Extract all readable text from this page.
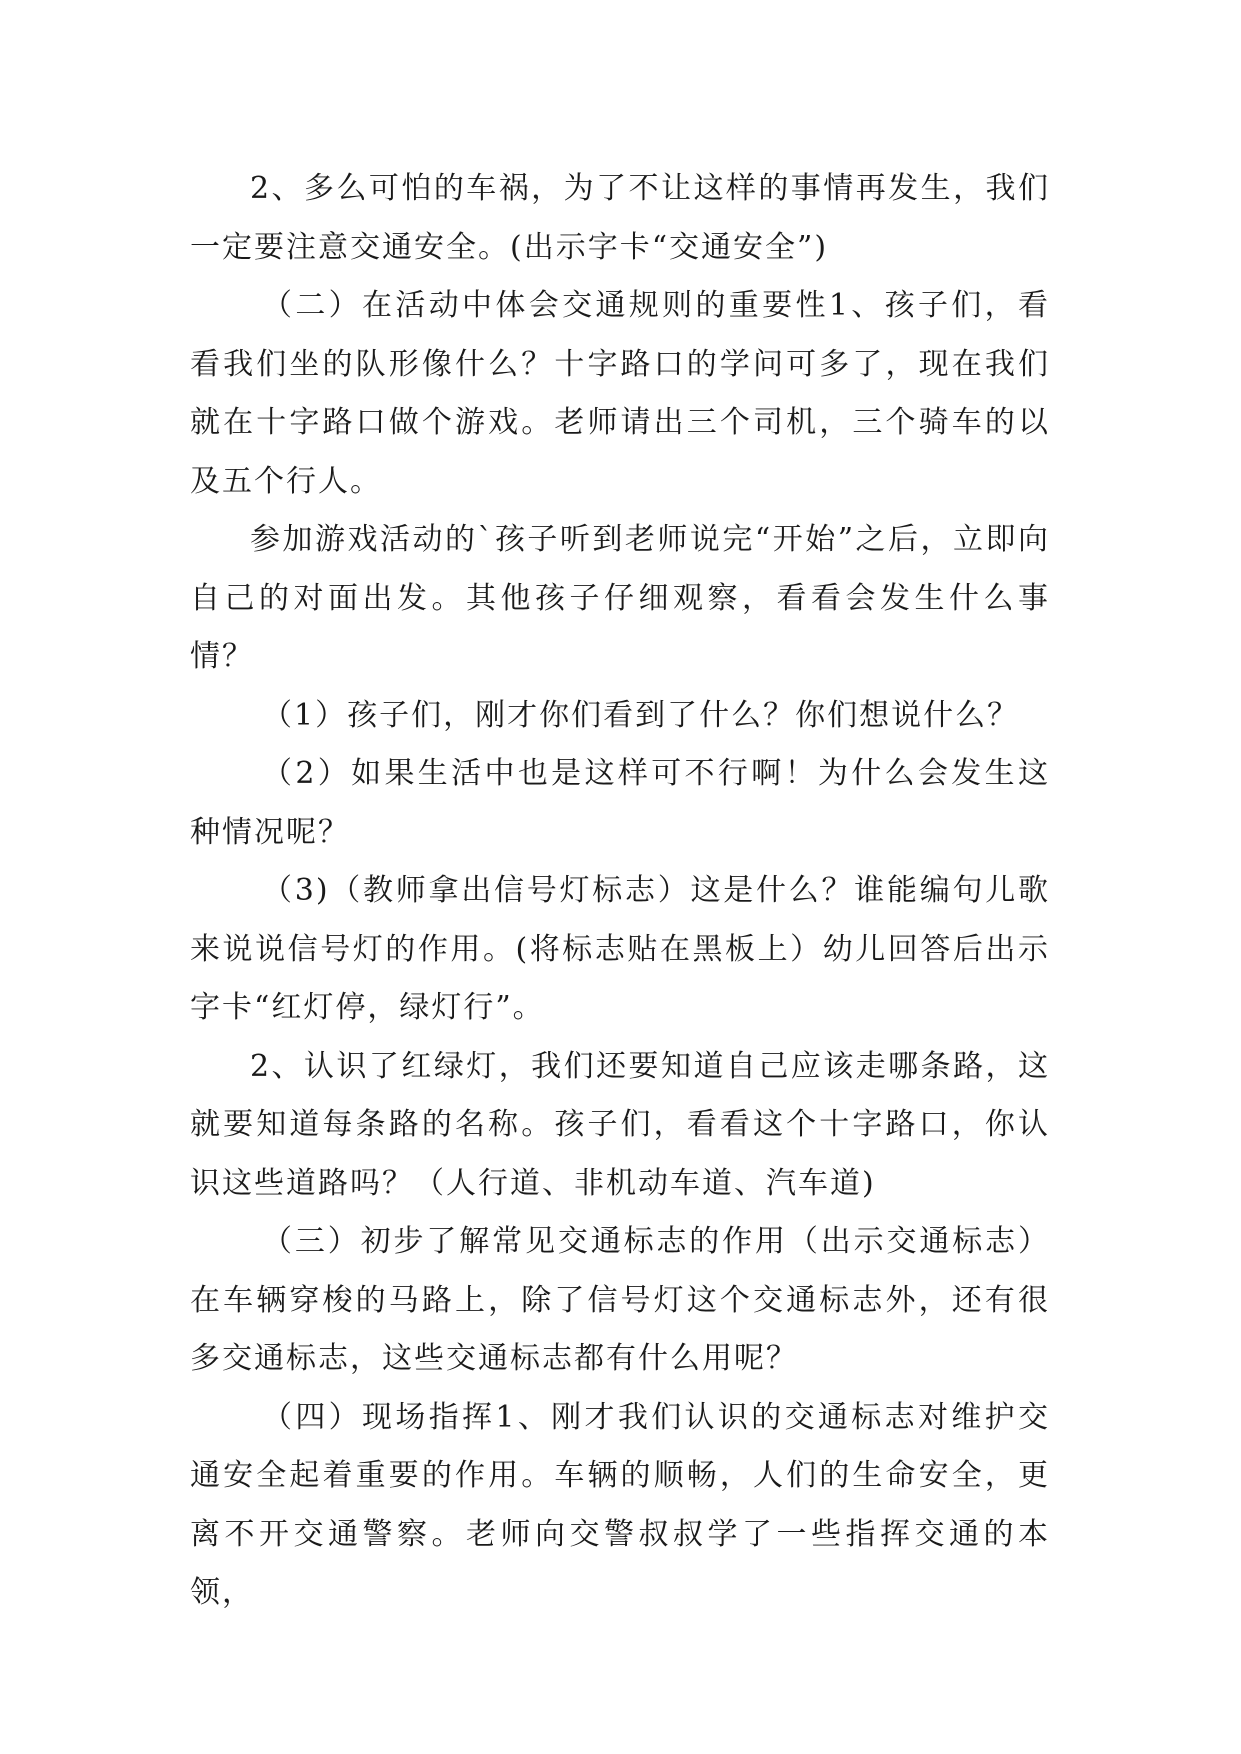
2、多么可怕的车祸，为了不让这样的事情再发生，我们一定要注意交通安全。(出示字卡“交通安全”)

（二）在活动中体会交通规则的重要性1、孩子们，看看我们坐的队形像什么？十字路口的学问可多了，现在我们就在十字路口做个游戏。老师请出三个司机，三个骑车的以及五个行人。

参加游戏活动的`孩子听到老师说完“开始”之后，立即向自己的对面出发。其他孩子仔细观察，看看会发生什么事情？

（1）孩子们，刚才你们看到了什么？你们想说什么？

（2）如果生活中也是这样可不行啊！为什么会发生这种情况呢？

（3)（教师拿出信号灯标志）这是什么？谁能编句儿歌来说说信号灯的作用。(将标志贴在黑板上）幼儿回答后出示字卡“红灯停，绿灯行”。

2、认识了红绿灯，我们还要知道自己应该走哪条路，这就要知道每条路的名称。孩子们，看看这个十字路口，你认识这些道路吗？（人行道、非机动车道、汽车道)

（三）初步了解常见交通标志的作用（出示交通标志）在车辆穿梭的马路上，除了信号灯这个交通标志外，还有很多交通标志，这些交通标志都有什么用呢？

（四）现场指挥1、刚才我们认识的交通标志对维护交通安全起着重要的作用。车辆的顺畅，人们的生命安全，更离不开交通警察。老师向交警叔叔学了一些指挥交通的本领，
